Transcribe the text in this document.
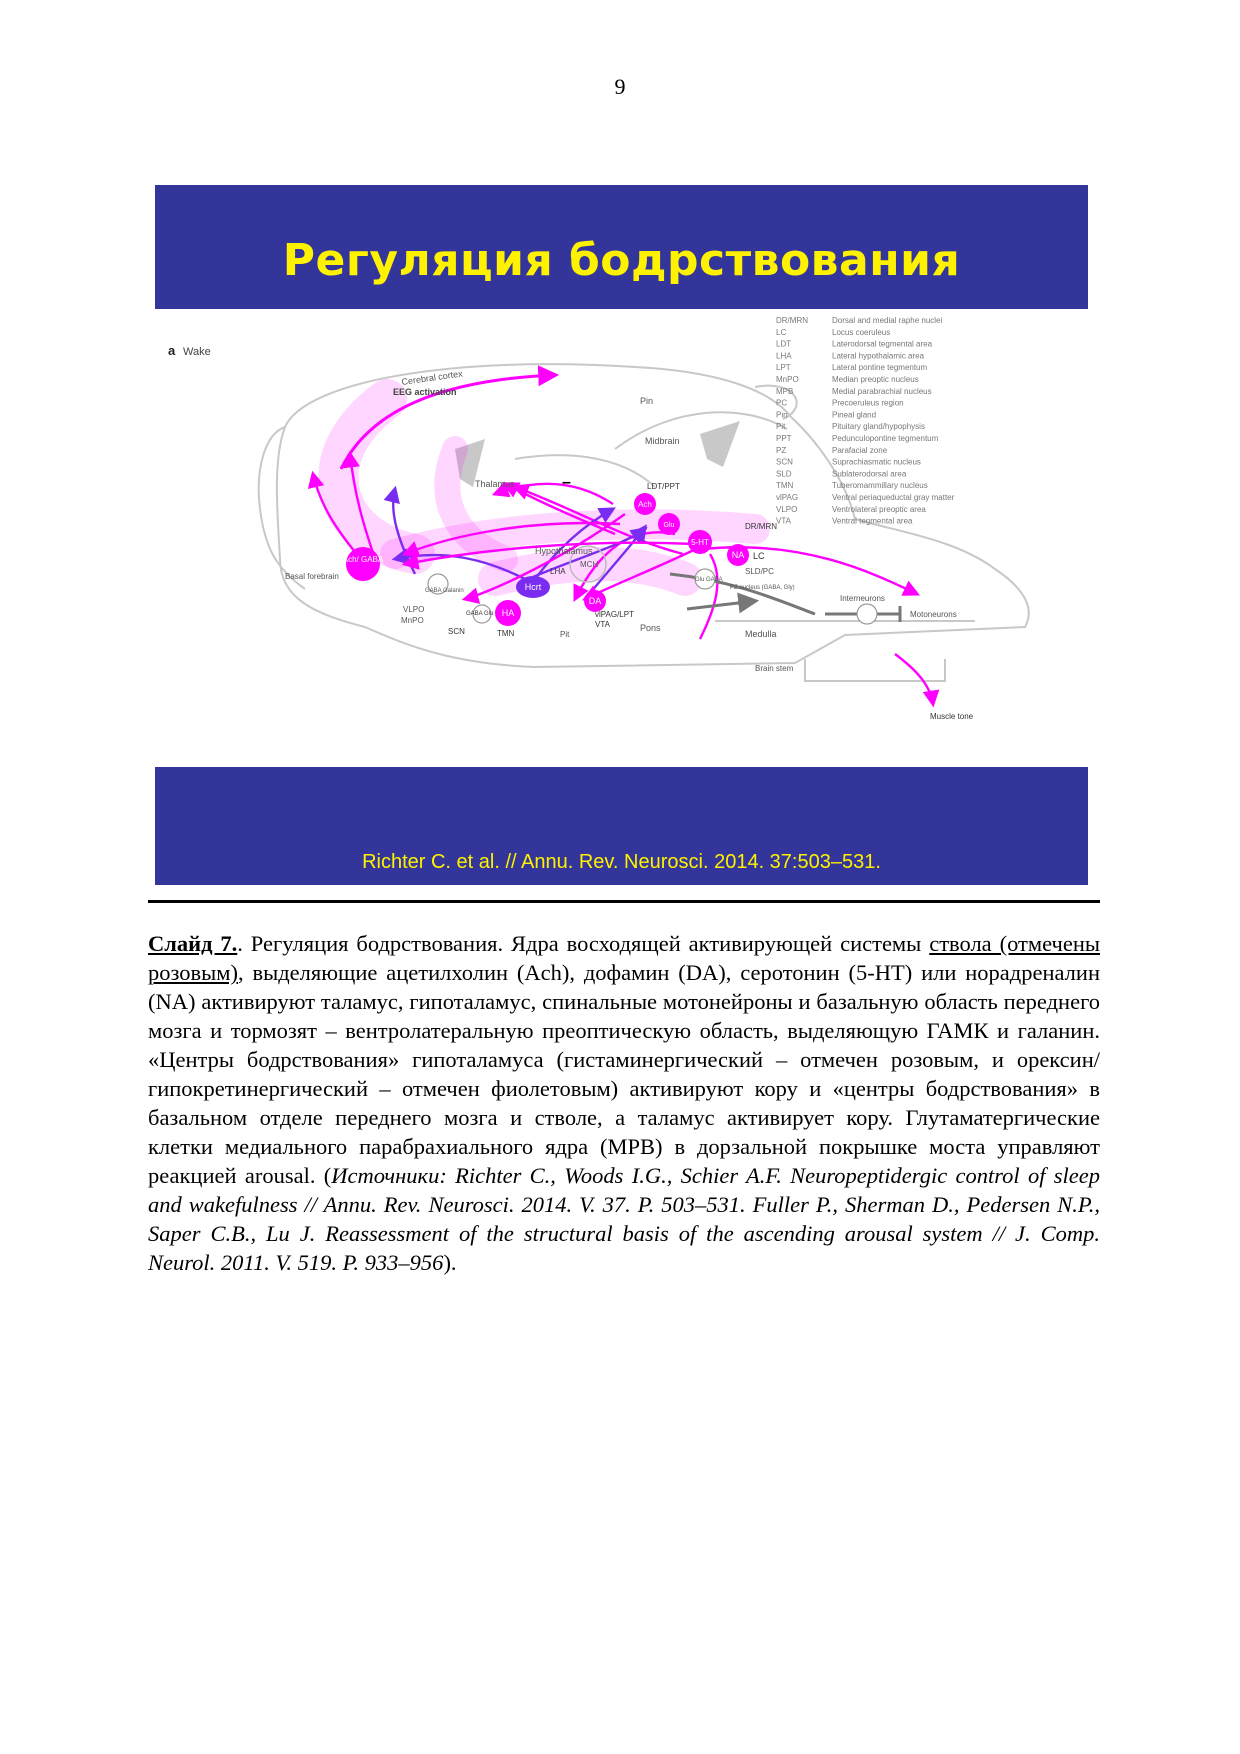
9
Регуляция бодрствования
Ach/ GABA
Hcrt
HA
DA
Ach
Glu
5-HT
NA
a Wake
Cerebral cortex
EEG activation
Pin
Midbrain
Thalamus	–	LDT/PPT
DR/MRN
LC
Hypothalamus
LHA
MCH
Basal forebrain
GABA Galanin
SLD/PC
Glu GABA
PZ nucleus (GABA, Gly)
Interneurons
Motoneurons
VLPO
MnPO
GABA Glu
SCN	TMN
vlPAG/LPT
VTA
Pit
Pons
Medulla
Brain stem
Muscle tone
DR/MRN	Dorsal and medial raphe nuclei
LC	Locus coeruleus
LDT	Laterodorsal tegmental area
LHA	Lateral hypothalamic area
LPT	Lateral pontine tegmentum
MnPO	Median preoptic nucleus
MPB	Medial parabrachial nucleus
PC	Precoeruleus region
Pin	Pineal gland
Pit	Pituitary gland/hypophysis
PPT	Pedunculopontine tegmentum
PZ	Parafacial zone
SCN	Suprachiasmatic nucleus
SLD	Sublaterodorsal area
TMN	Tuberomammillary nucleus
vlPAG	Ventral periaqueductal gray matter
VLPO	Ventrolateral preoptic area
VTA	Ventral tegmental area
Richter C. et al. // Annu. Rev. Neurosci. 2014. 37:503–531.
Слайд 7.. Регуляция бодрствования. Ядра восходящей активирующей системы ствола (отмечены розовым), выделяющие ацетилхолин (Ach), дофамин (DA), серотонин (5-HT) или норадреналин (NA) активируют таламус, гипоталамус, спинальные мотонейроны и базальную область переднего мозга и тормозят – вентролатеральную преоптическую область, выделяющую ГАМК и галанин. «Центры бодрствования» гипоталамуса (гистаминергический – отмечен розовым, и орексин/гипокретинергический – отмечен фиолетовым) активируют кору и «центры бодрствования» в базальном отделе переднего мозга и стволе, а таламус активирует кору. Глутаматергические клетки медиального парабрахиального ядра (MPB) в дорзальной покрышке моста управляют реакцией arousal. (Источники: Richter C., Woods I.G., Schier A.F. Neuropeptidergic control of sleep and wakefulness // Annu. Rev. Neurosci. 2014. V. 37. P. 503–531. Fuller P., Sherman D., Pedersen N.P., Saper C.B., Lu J. Reassessment of the structural basis of the ascending arousal system // J. Comp. Neurol. 2011. V. 519. P. 933–956).
